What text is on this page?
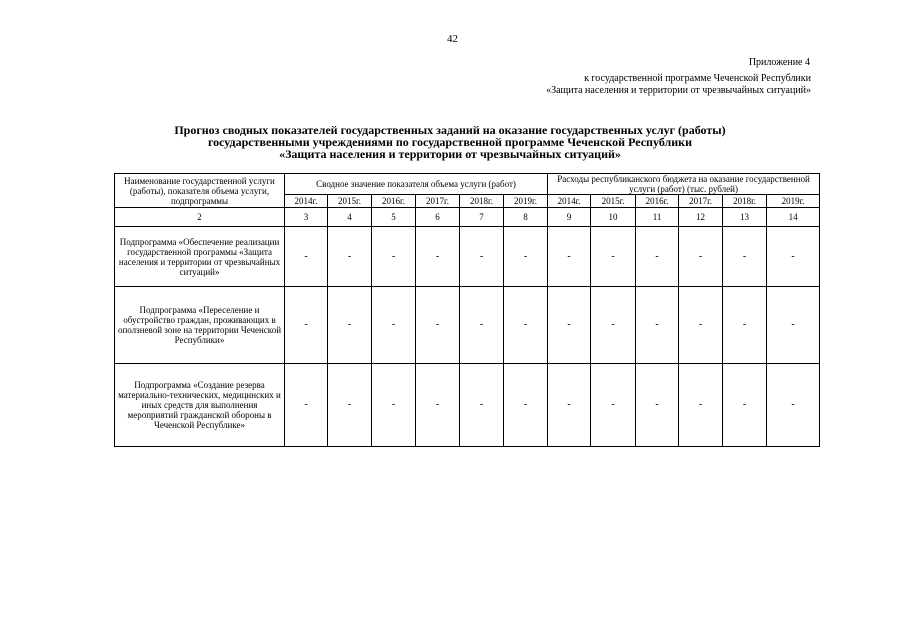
42
Приложение 4
к государственной программе Чеченской Республики
«Защита населения и территории от чрезвычайных ситуаций»
Прогноз сводных показателей государственных заданий на оказание государственных услуг (работы)
государственными учреждениями по государственной программе Чеченской Республики
«Защита населения и территории от чрезвычайных ситуаций»
Наименование государственной услуги (работы), показателя объема услуги, подпрограммы	Сводное значение показателя объема услуги (работ)						Расходы республиканского бюджета на оказание государственной услуги (работ) (тыс. рублей)					
	2014г.	2015г.	2016г.	2017г.	2018г.	2019г.	2014г.	2015г.	2016г.	2017г.	2018г.	2019г.
2	3	4	5	6	7	8	9	10	11	12	13	14
Подпрограмма «Обеспечение реализации государственной программы «Защита населения и территории от чрезвычайных ситуаций»	-	-	-	-	-	-	-	-	-	-	-	-
Подпрограмма «Переселение и обустройство граждан, проживающих в оползневой зоне на территории Чеченской Республики»	-	-	-	-	-	-	-	-	-	-	-	-
Подпрограмма «Создание резерва материально-технических, медицинских и иных средств для выполнения мероприятий гражданской обороны в Чеченской Республике»	-	-	-	-	-	-	-	-	-	-	-	-
